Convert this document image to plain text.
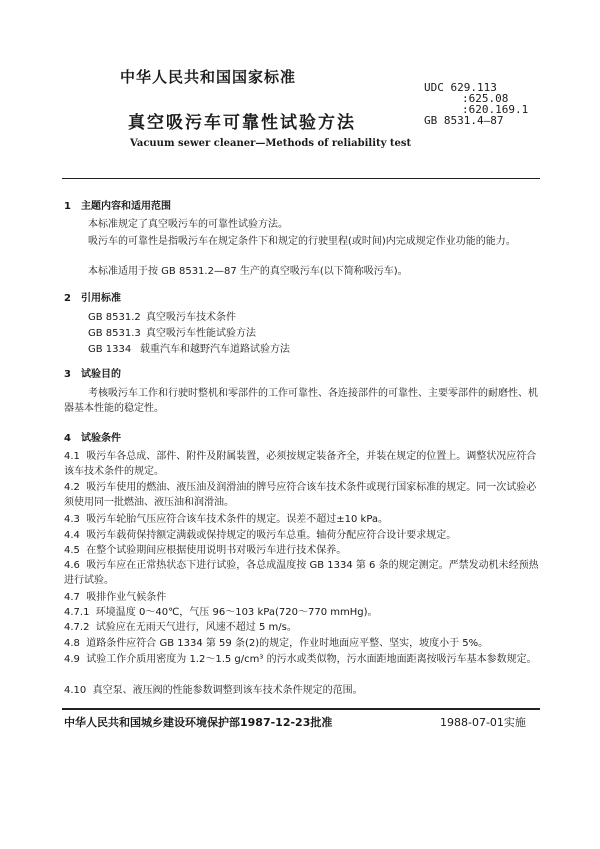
中华人民共和国国家标准
UDC 629.113
:625.08
:620.169.1
GB 8531.4—87
真空吸污车可靠性试验方法
Vacuum sewer cleaner—Methods of reliability test
1　主题内容和适用范围
本标准规定了真空吸污车的可靠性试验方法。
吸污车的可靠性是指吸污车在规定条件下和规定的行驶里程(或时间)内完成规定作业功能的能力。
本标准适用于按 GB 8531.2—87 生产的真空吸污车(以下简称吸污车)。
2　引用标准
GB 8531.2 真空吸污车技术条件
GB 8531.3 真空吸污车性能试验方法
GB 1334 载重汽车和越野汽车道路试验方法
3　试验目的
考核吸污车工作和行驶时整机和零部件的工作可靠性、各连接部件的可靠性、主要零部件的耐磨性、机器基本性能的稳定性。
4　试验条件
4.1 吸污车各总成、部件、附件及附属装置，必须按规定装备齐全，并装在规定的位置上。调整状况应符合该车技术条件的规定。
4.2 吸污车使用的燃油、液压油及润滑油的牌号应符合该车技术条件或现行国家标准的规定。同一次试验必须使用同一批燃油、液压油和润滑油。
4.3 吸污车轮胎气压应符合该车技术条件的规定。误差不超过±10 kPa。
4.4 吸污车载荷保持额定满载或保持规定的吸污车总重。轴荷分配应符合设计要求规定。
4.5 在整个试验期间应根据使用说明书对吸污车进行技术保养。
4.6 吸污车应在正常热状态下进行试验，各总成温度按 GB 1334 第 6 条的规定测定。严禁发动机未经预热进行试验。
4.7 吸排作业气候条件
4.7.1 环境温度 0～40℃，气压 96～103 kPa(720～770 mmHg)。
4.7.2 试验应在无雨天气进行，风速不超过 5 m/s。
4.8 道路条件应符合 GB 1334 第 59 条(2)的规定，作业时地面应平整、坚实，坡度小于 5%。
4.9 试验工作介质用密度为 1.2～1.5 g/cm³ 的污水或类似物，污水面距地面距离按吸污车基本参数规定。
4.10 真空泵、液压阀的性能参数调整到该车技术条件规定的范围。
中华人民共和国城乡建设环境保护部1987-12-23批准	1988-07-01实施
